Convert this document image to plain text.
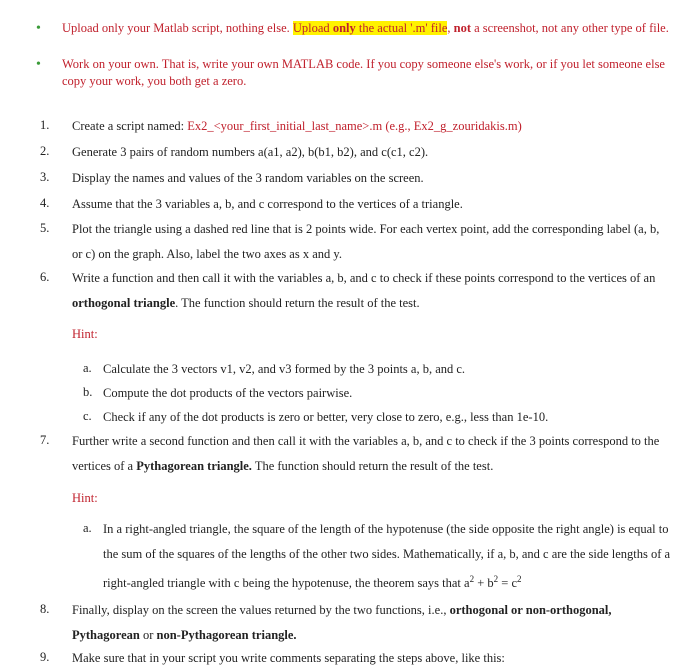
• Upload only your Matlab script, nothing else. Upload only the actual '.m' file, not a screenshot, not any other type of file.
• Work on your own. That is, write your own MATLAB code. If you copy someone else's work, or if you let someone else copy your work, you both get a zero.
1.	Create a script named: Ex2_<your_first_initial_last_name>.m (e.g., Ex2_g_zouridakis.m)
2.	Generate 3 pairs of random numbers a(a1, a2), b(b1, b2), and c(c1, c2).
3.	Display the names and values of the 3 random variables on the screen.
4.	Assume that the 3 variables a, b, and c correspond to the vertices of a triangle.
5.	Plot the triangle using a dashed red line that is 2 points wide. For each vertex point, add the corresponding label (a, b, or c) on the graph. Also, label the two axes as x and y.
6.	Write a function and then call it with the variables a, b, and c to check if these points correspond to the vertices of an orthogonal triangle. The function should return the result of the test.
Hint:
a. Calculate the 3 vectors v1, v2, and v3 formed by the 3 points a, b, and c.
b. Compute the dot products of the vectors pairwise.
c. Check if any of the dot products is zero or better, very close to zero, e.g., less than 1e-10.
7.	Further write a second function and then call it with the variables a, b, and c to check if the 3 points correspond to the vertices of a Pythagorean triangle. The function should return the result of the test.
Hint:
a. In a right-angled triangle, the square of the length of the hypotenuse (the side opposite the right angle) is equal to the sum of the squares of the lengths of the other two sides. Mathematically, if a, b, and c are the side lengths of a right-angled triangle with c being the hypotenuse, the theorem says that $a^2 + b^2 = c^2$
8.	Finally, display on the screen the values returned by the two functions, i.e., orthogonal or non-orthogonal,
Pythagorean or non-Pythagorean triangle.
9.	Make sure that in your script you write comments separating the steps above, like this:
